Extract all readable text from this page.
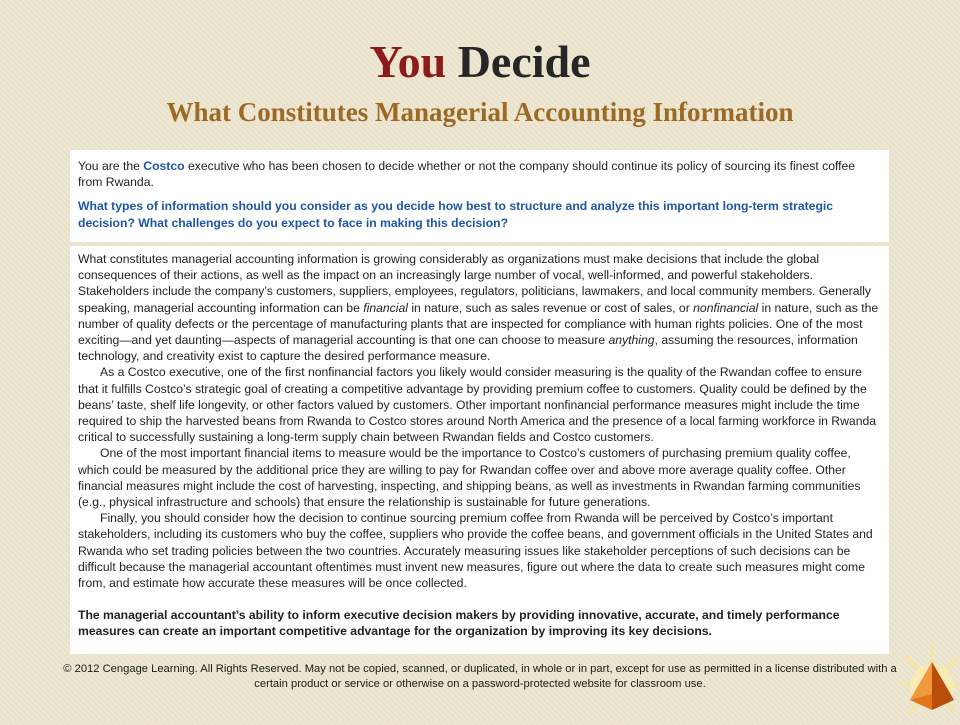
You Decide
What Constitutes Managerial Accounting Information

You are the Costco executive who has been chosen to decide whether or not the company should continue its policy of sourcing its finest coffee from Rwanda.

What types of information should you consider as you decide how best to structure and analyze this important long-term strategic decision? What challenges do you expect to face in making this decision?

What constitutes managerial accounting information is growing considerably as organizations must make decisions that include the global consequences of their actions, as well as the impact on an increasingly large number of vocal, well-informed, and powerful stakeholders. Stakeholders include the company’s customers, suppliers, employees, regulators, politicians, lawmakers, and local community members. Generally speaking, managerial accounting information can be financial in nature, such as sales revenue or cost of sales, or nonfinancial in nature, such as the number of quality defects or the percentage of manufacturing plants that are inspected for compliance with human rights policies. One of the most exciting—and yet daunting—aspects of managerial accounting is that one can choose to measure anything, assuming the resources, information technology, and creativity exist to capture the desired performance measure.

As a Costco executive, one of the first nonfinancial factors you likely would consider measuring is the quality of the Rwandan coffee to ensure that it fulfills Costco’s strategic goal of creating a competitive advantage by providing premium coffee to customers. Quality could be defined by the beans’ taste, shelf life longevity, or other factors valued by customers. Other important nonfinancial performance measures might include the time required to ship the harvested beans from Rwanda to Costco stores around North America and the presence of a local farming workforce in Rwanda critical to successfully sustaining a long-term supply chain between Rwandan fields and Costco customers.

One of the most important financial items to measure would be the importance to Costco’s customers of purchasing premium quality coffee, which could be measured by the additional price they are willing to pay for Rwandan coffee over and above more average quality coffee. Other financial measures might include the cost of harvesting, inspecting, and shipping beans, as well as investments in Rwandan farming communities (e.g., physical infrastructure and schools) that ensure the relationship is sustainable for future generations.

Finally, you should consider how the decision to continue sourcing premium coffee from Rwanda will be perceived by Costco’s important stakeholders, including its customers who buy the coffee, suppliers who provide the coffee beans, and government officials in the United States and Rwanda who set trading policies between the two countries. Accurately measuring issues like stakeholder perceptions of such decisions can be difficult because the managerial accountant oftentimes must invent new measures, figure out where the data to create such measures might come from, and estimate how accurate these measures will be once collected.

The managerial accountant’s ability to inform executive decision makers by providing innovative, accurate, and timely performance measures can create an important competitive advantage for the organization by improving its key decisions.

© 2012 Cengage Learning. All Rights Reserved. May not be copied, scanned, or duplicated, in whole or in part, except for use as permitted in a license distributed with a certain product or service or otherwise on a password-protected website for classroom use.
